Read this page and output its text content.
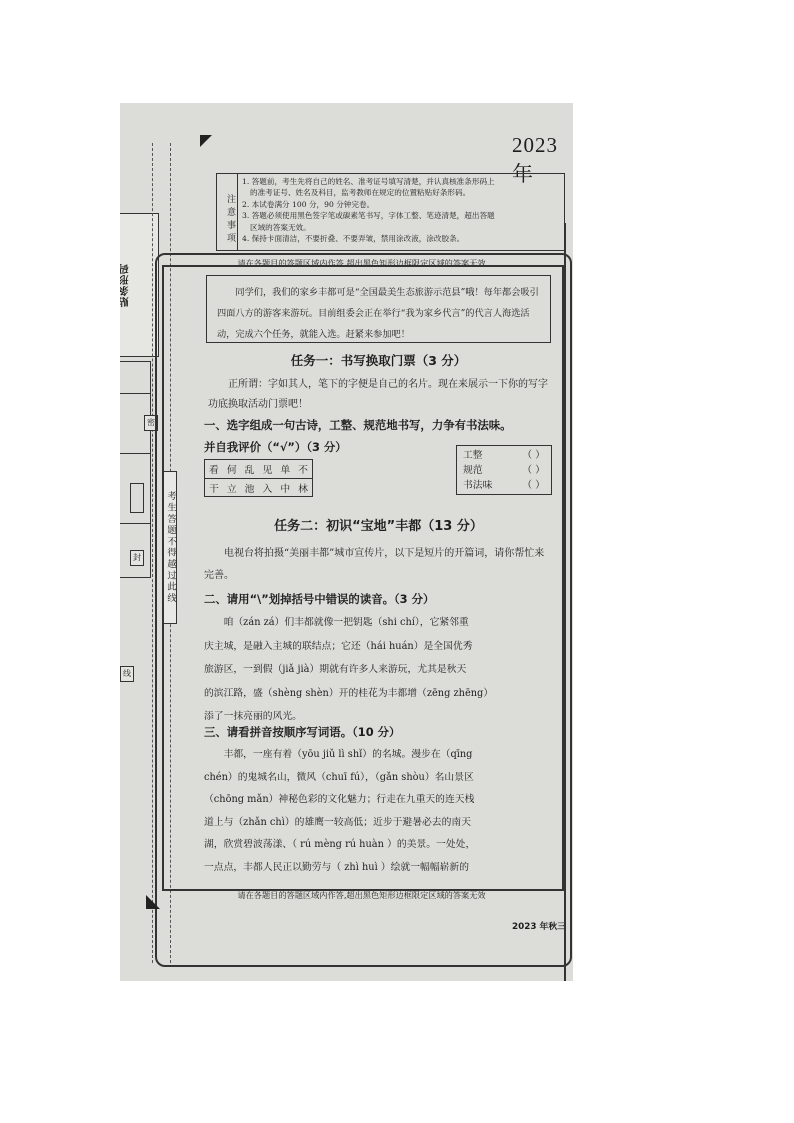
贴条形码
密
封
线
考生答题不得越过此线
2023 年
注意事项
1. 答题前，考生先将自己的姓名、准考证号填写清楚，并认真核准条形码上
的准考证号、姓名及科目，监考教师在规定的位置粘贴好条形码。
2. 本试卷满分 100 分，90 分钟完卷。
3. 答题必须使用黑色签字笔或碳素笔书写，字体工整、笔迹清楚，超出答题
区域的答案无效。
4. 保持卡面清洁，不要折叠、不要弄皱，禁用涂改液，涂改胶条。
请在各题目的答题区域内作答,超出黑色矩形边框限定区域的答案无效
同学们，我们的家乡丰都可是“全国最美生态旅游示范县”哦！每年都会吸引四面八方的游客来游玩。目前组委会正在举行“我为家乡代言”的代言人海选活动，完成六个任务，就能入选。赶紧来参加吧！
任务一：书写换取门票（3 分）
正所谓：字如其人，笔下的字便是自己的名片。现在来展示一下你的写字功底换取活动门票吧！
一、选字组成一句古诗，工整、规范地书写，力争有书法味。
并自我评价（“√”）（3 分）
看 何 乱 见 单 不
干 立 池 入 中 林
工整	（ ）
规范	（ ）
书法味	（ ）
任务二：初识“宝地”丰都（13 分）
电视台将拍摄“美丽丰都”城市宣传片，以下是短片的开篇词，请你帮忙来完善。
二、请用“\”划掉括号中错误的读音。（3 分）
咱（zán zá）们丰都就像一把钥匙（shi chí），它紧邻重
庆主城，是融入主城的联结点；它还（hái huán）是全国优秀
旅游区，一到假（jiǎ jià）期就有许多人来游玩，尤其是秋天
的滨江路，盛（shèng shèn）开的桂花为丰都增（zēng zhēng）
添了一抹亮丽的风光。
三、请看拼音按顺序写词语。（10 分）
丰都，一座有着（yōu jiǔ lì shǐ）的名城。漫步在（qīng
chén）的鬼城名山，微风（chuī fú），（gǎn shòu）名山景区
（chōng mǎn）神秘色彩的文化魅力；行走在九重天的连天栈
道上与（zhǎn chì）的雄鹰一较高低；近步于避暑必去的南天
湖，欣赏碧波荡漾、（ rú mèng rú huàn ）的美景。一处处，
一点点，丰都人民正以勤劳与（ zhì huì ）绘就一幅幅崭新的
请在各题目的答题区域内作答,超出黑色矩形边框限定区域的答案无效
2023 年秋三
